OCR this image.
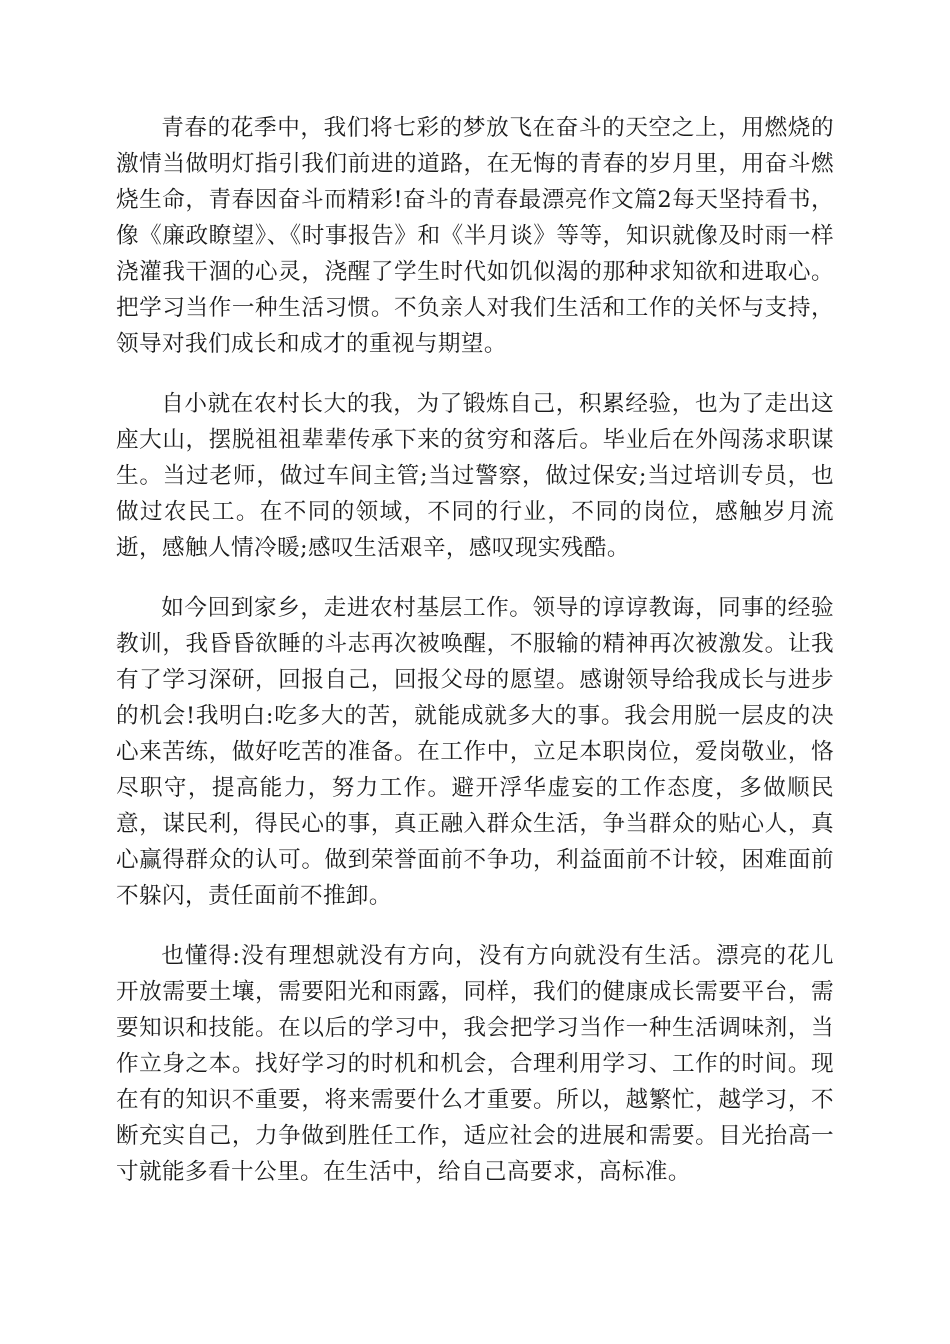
青春的花季中，我们将七彩的梦放飞在奋斗的天空之上，用燃烧的激情当做明灯指引我们前进的道路，在无悔的青春的岁月里，用奋斗燃烧生命，青春因奋斗而精彩!奋斗的青春最漂亮作文篇2每天坚持看书，像《廉政瞭望》、《时事报告》和《半月谈》等等，知识就像及时雨一样浇灌我干涸的心灵，浇醒了学生时代如饥似渴的那种求知欲和进取心。把学习当作一种生活习惯。不负亲人对我们生活和工作的关怀与支持，领导对我们成长和成才的重视与期望。

自小就在农村长大的我，为了锻炼自己，积累经验，也为了走出这座大山，摆脱祖祖辈辈传承下来的贫穷和落后。毕业后在外闯荡求职谋生。当过老师，做过车间主管;当过警察，做过保安;当过培训专员，也做过农民工。在不同的领域，不同的行业，不同的岗位，感触岁月流逝，感触人情冷暖;感叹生活艰辛，感叹现实残酷。

如今回到家乡，走进农村基层工作。领导的谆谆教诲，同事的经验教训，我昏昏欲睡的斗志再次被唤醒，不服输的精神再次被激发。让我有了学习深研，回报自己，回报父母的愿望。感谢领导给我成长与进步的机会!我明白:吃多大的苦，就能成就多大的事。我会用脱一层皮的决心来苦练，做好吃苦的准备。在工作中，立足本职岗位，爱岗敬业，恪尽职守，提高能力，努力工作。避开浮华虚妄的工作态度，多做顺民意，谋民利，得民心的事，真正融入群众生活，争当群众的贴心人，真心赢得群众的认可。做到荣誉面前不争功，利益面前不计较，困难面前不躲闪，责任面前不推卸。

也懂得:没有理想就没有方向，没有方向就没有生活。漂亮的花儿开放需要土壤，需要阳光和雨露，同样，我们的健康成长需要平台，需要知识和技能。在以后的学习中，我会把学习当作一种生活调味剂，当作立身之本。找好学习的时机和机会，合理利用学习、工作的时间。现在有的知识不重要，将来需要什么才重要。所以，越繁忙，越学习，不断充实自己，力争做到胜任工作，适应社会的进展和需要。目光抬高一寸就能多看十公里。在生活中，给自己高要求，高标准。
